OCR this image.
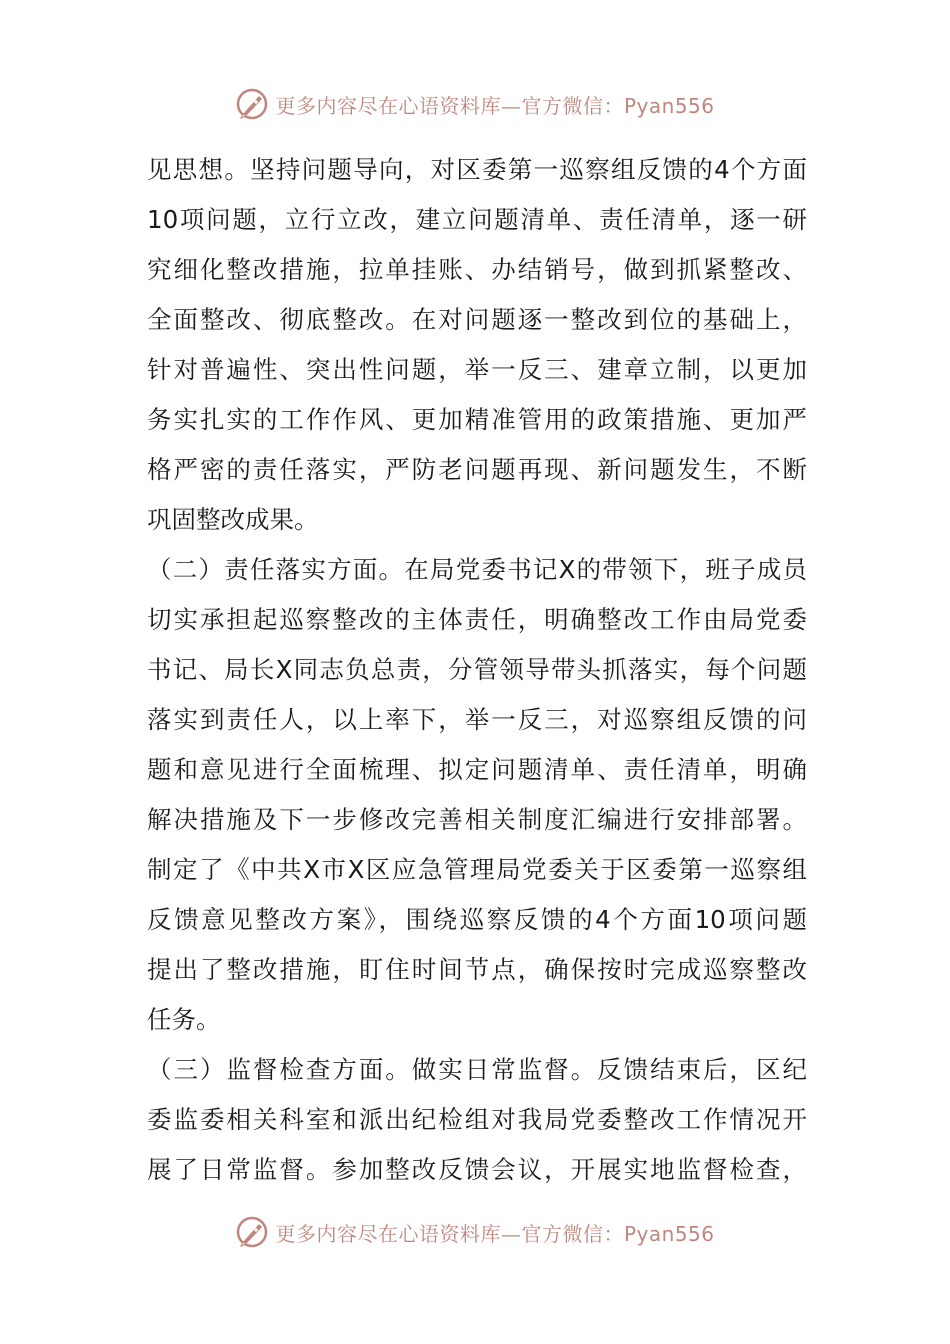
更多内容尽在心语资料库—官方微信：Pyan556
见思想。坚持问题导向，对区委第一巡察组反馈的4个方面
10项问题，立行立改，建立问题清单、责任清单，逐一研
究细化整改措施，拉单挂账、办结销号，做到抓紧整改、
全面整改、彻底整改。在对问题逐一整改到位的基础上，
针对普遍性、突出性问题，举一反三、建章立制，以更加
务实扎实的工作作风、更加精准管用的政策措施、更加严
格严密的责任落实，严防老问题再现、新问题发生，不断
巩固整改成果。
（二）责任落实方面。在局党委书记X的带领下，班子成员
切实承担起巡察整改的主体责任，明确整改工作由局党委
书记、局长X同志负总责，分管领导带头抓落实，每个问题
落实到责任人，以上率下，举一反三，对巡察组反馈的问
题和意见进行全面梳理、拟定问题清单、责任清单，明确
解决措施及下一步修改完善相关制度汇编进行安排部署。
制定了《中共X市X区应急管理局党委关于区委第一巡察组
反馈意见整改方案》，围绕巡察反馈的4个方面10项问题
提出了整改措施，盯住时间节点，确保按时完成巡察整改
任务。
（三）监督检查方面。做实日常监督。反馈结束后，区纪
委监委相关科室和派出纪检组对我局党委整改工作情况开
展了日常监督。参加整改反馈会议，开展实地监督检查，
更多内容尽在心语资料库—官方微信：Pyan556
